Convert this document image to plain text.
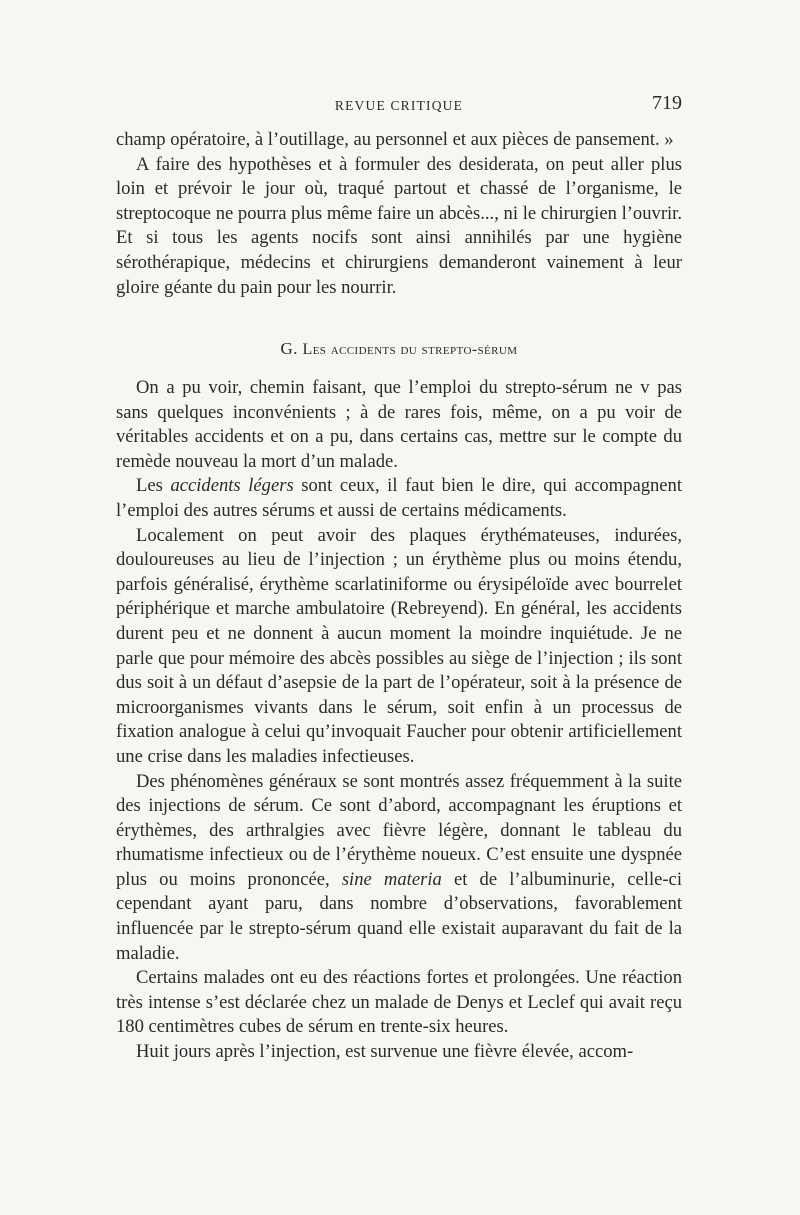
REVUE CRITIQUE	719

champ opératoire, à l’outillage, au personnel et aux pièces de pansement. »

A faire des hypothèses et à formuler des desiderata, on peut aller plus loin et prévoir le jour où, traqué partout et chassé de l’organisme, le streptocoque ne pourra plus même faire un abcès..., ni le chirurgien l’ouvrir. Et si tous les agents nocifs sont ainsi annihilés par une hygiène sérothérapique, médecins et chirurgiens demanderont vainement à leur gloire géante du pain pour les nourrir.

G. Les accidents du strepto-sérum

On a pu voir, chemin faisant, que l’emploi du strepto-sérum ne v pas sans quelques inconvénients ; à de rares fois, même, on a pu voir de véritables accidents et on a pu, dans certains cas, mettre sur le compte du remède nouveau la mort d’un malade.

Les accidents légers sont ceux, il faut bien le dire, qui accompagnent l’emploi des autres sérums et aussi de certains médicaments.

Localement on peut avoir des plaques érythémateuses, indurées, douloureuses au lieu de l’injection ; un érythème plus ou moins étendu, parfois généralisé, érythème scarlatiniforme ou érysipéloïde avec bourrelet périphérique et marche ambulatoire (Rebreyend). En général, les accidents durent peu et ne donnent à aucun moment la moindre inquiétude. Je ne parle que pour mémoire des abcès possibles au siège de l’injection ; ils sont dus soit à un défaut d’asepsie de la part de l’opérateur, soit à la présence de microorganismes vivants dans le sérum, soit enfin à un processus de fixation analogue à celui qu’invoquait Faucher pour obtenir artificiellement une crise dans les maladies infectieuses.

Des phénomènes généraux se sont montrés assez fréquemment à la suite des injections de sérum. Ce sont d’abord, accompagnant les éruptions et érythèmes, des arthralgies avec fièvre légère, donnant le tableau du rhumatisme infectieux ou de l’érythème noueux. C’est ensuite une dyspnée plus ou moins prononcée, sine materia et de l’albuminurie, celle-ci cependant ayant paru, dans nombre d’observations, favorablement influencée par le strepto-sérum quand elle existait auparavant du fait de la maladie.

Certains malades ont eu des réactions fortes et prolongées. Une réaction très intense s’est déclarée chez un malade de Denys et Leclef qui avait reçu 180 centimètres cubes de sérum en trente-six heures.

Huit jours après l’injection, est survenue une fièvre élevée, accom-
